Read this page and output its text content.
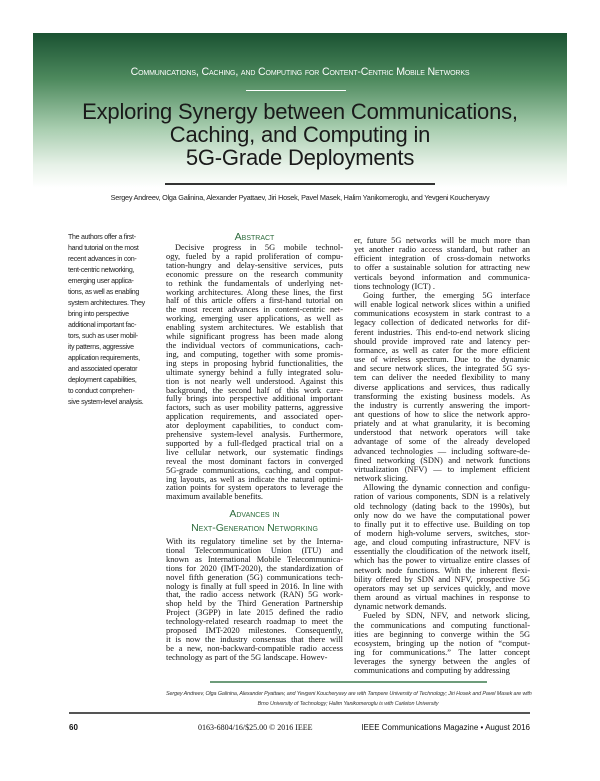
Communications, Caching, and Computing for Content-Centric Mobile Networks
Exploring Synergy between Communications,
Caching, and Computing in
5G-Grade Deployments
Sergey Andreev, Olga Galinina, Alexander Pyattaev, Jiri Hosek, Pavel Masek, Halim Yanikomeroglu, and Yevgeni Koucheryavy
The authors offer a first-
hand tutorial on the most
recent advances in con-
tent-centric networking,
emerging user applica-
tions, as well as enabling
system architectures. They
bring into perspective
additional important fac-
tors, such as user mobil-
ity patterns, aggressive
application requirements,
and associated operator
deployment capabilities,
to conduct comprehen-
sive system-level analysis.
Abstract
Decisive progress in 5G mobile technol-
ogy, fueled by a rapid proliferation of compu-
tation-hungry and delay-sensitive services, puts
economic pressure on the research community
to rethink the fundamentals of underlying net-
working architectures. Along these lines, the first
half of this article offers a first-hand tutorial on
the most recent advances in content-centric net-
working, emerging user applications, as well as
enabling system architectures. We establish that
while significant progress has been made along
the individual vectors of communications, cach-
ing, and computing, together with some promis-
ing steps in proposing hybrid functionalities, the
ultimate synergy behind a fully integrated solu-
tion is not nearly well understood. Against this
background, the second half of this work care-
fully brings into perspective additional important
factors, such as user mobility patterns, aggressive
application requirements, and associated oper-
ator deployment capabilities, to conduct com-
prehensive system-level analysis. Furthermore,
supported by a full-fledged practical trial on a
live cellular network, our systematic findings
reveal the most dominant factors in converged
5G-grade communications, caching, and comput-
ing layouts, as well as indicate the natural optimi-
zation points for system operators to leverage the
maximum available benefits.
Advances in
Next-Generation Networking
With its regulatory timeline set by the Interna-
tional Telecommunication Union (ITU) and
known as International Mobile Telecommunica-
tions for 2020 (IMT-2020), the standardization of
novel fifth generation (5G) communications tech-
nology is finally at full speed in 2016. In line with
that, the radio access network (RAN) 5G work-
shop held by the Third Generation Partnership
Project (3GPP) in late 2015 defined the radio
technology-related research roadmap to meet the
proposed IMT-2020 milestones. Consequently,
it is now the industry consensus that there will
be a new, non-backward-compatible radio access
technology as part of the 5G landscape. Howev-
er, future 5G networks will be much more than
yet another radio access standard, but rather an
efficient integration of cross-domain networks
to offer a sustainable solution for attracting new
verticals beyond information and communica-
tions technology (ICT) .
Going further, the emerging 5G interface
will enable logical network slices within a unified
communications ecosystem in stark contrast to a
legacy collection of dedicated networks for dif-
ferent industries. This end-to-end network slicing
should provide improved rate and latency per-
formance, as well as cater for the more efficient
use of wireless spectrum. Due to the dynamic
and secure network slices, the integrated 5G sys-
tem can deliver the needed flexibility to many
diverse applications and services, thus radically
transforming the existing business models. As
the industry is currently answering the import-
ant questions of how to slice the network appro-
priately and at what granularity, it is becoming
understood that network operators will take
advantage of some of the already developed
advanced technologies — including software-de-
fined networking (SDN) and network functions
virtualization (NFV) — to implement efficient
network slicing.
Allowing the dynamic connection and configu-
ration of various components, SDN is a relatively
old technology (dating back to the 1990s), but
only now do we have the computational power
to finally put it to effective use. Building on top
of modern high-volume servers, switches, stor-
age, and cloud computing infrastructure, NFV is
essentially the cloudification of the network itself,
which has the power to virtualize entire classes of
network node functions. With the inherent flexi-
bility offered by SDN and NFV, prospective 5G
operators may set up services quickly, and move
them around as virtual machines in response to
dynamic network demands.
Fueled by SDN, NFV, and network slicing,
the communications and computing functional-
ities are beginning to converge within the 5G
ecosystem, bringing up the notion of “comput-
ing for communications.” The latter concept
leverages the synergy between the angles of
communications and computing by addressing
Sergey Andreev, Olga Galinina, Alexander Pyattaev, and Yevgeni Koucheryavy are with Tampere University of Technology; Jiri Hosek and Pavel Masek are with
Brno University of Technology; Halim Yanikomeroglu is with Carleton University
60	0163-6804/16/$25.00 © 2016 IEEE	IEEE Communications Magazine • August 2016
